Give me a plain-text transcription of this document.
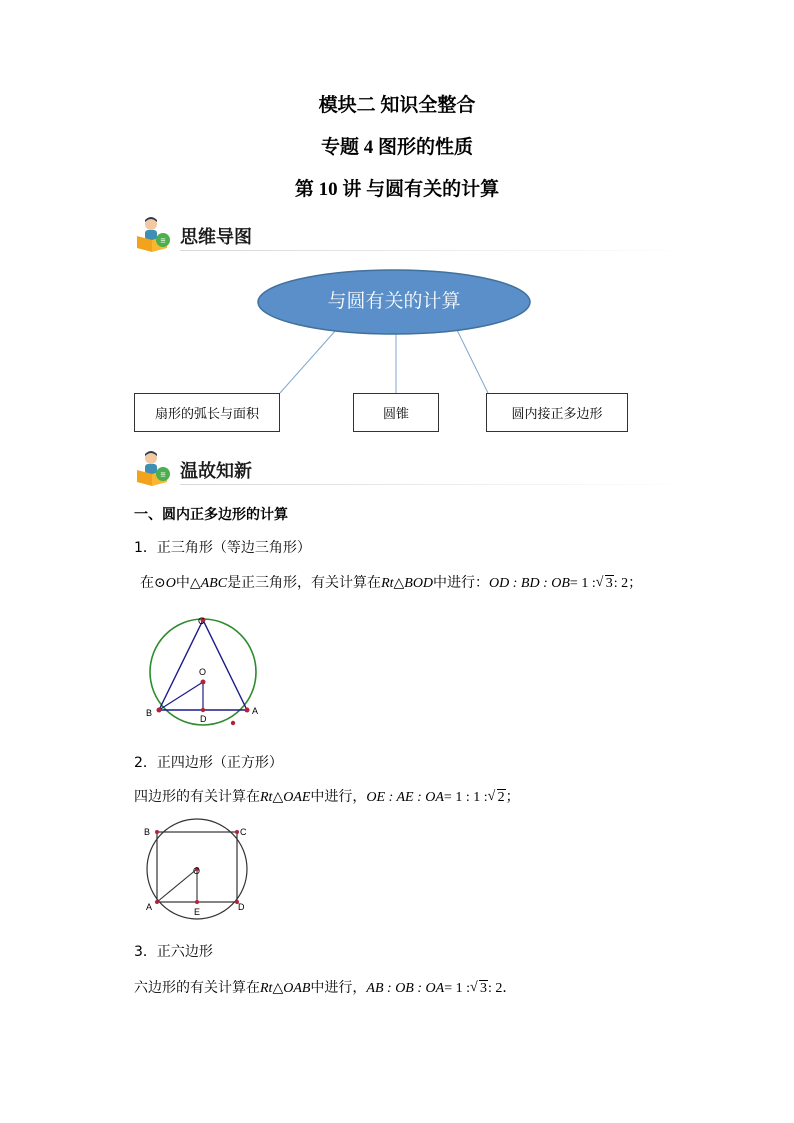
模块二 知识全整合
专题 4 图形的性质
第 10 讲 与圆有关的计算
≡ 思维导图
与圆有关的计算
扇形的弧长与面积	圆锥	圆内接正多边形
≡ 温故知新
一、圆内正多边形的计算
1．正三角形（等边三角形）
在⊙O中△ABC是正三角形，有关计算在Rt△BOD中进行：OD : BD : OB= 1 : √ 3: 2；
C
O
B
D
A
2．正四边形（正方形）
四边形的有关计算在Rt△OAE中进行，OE : AE : OA= 1 : 1 : √ 2；
B	C
O
A	E	D
3．正六边形
六边形的有关计算在Rt△OAB中进行，AB : OB : OA= 1 : √ 3: 2．
